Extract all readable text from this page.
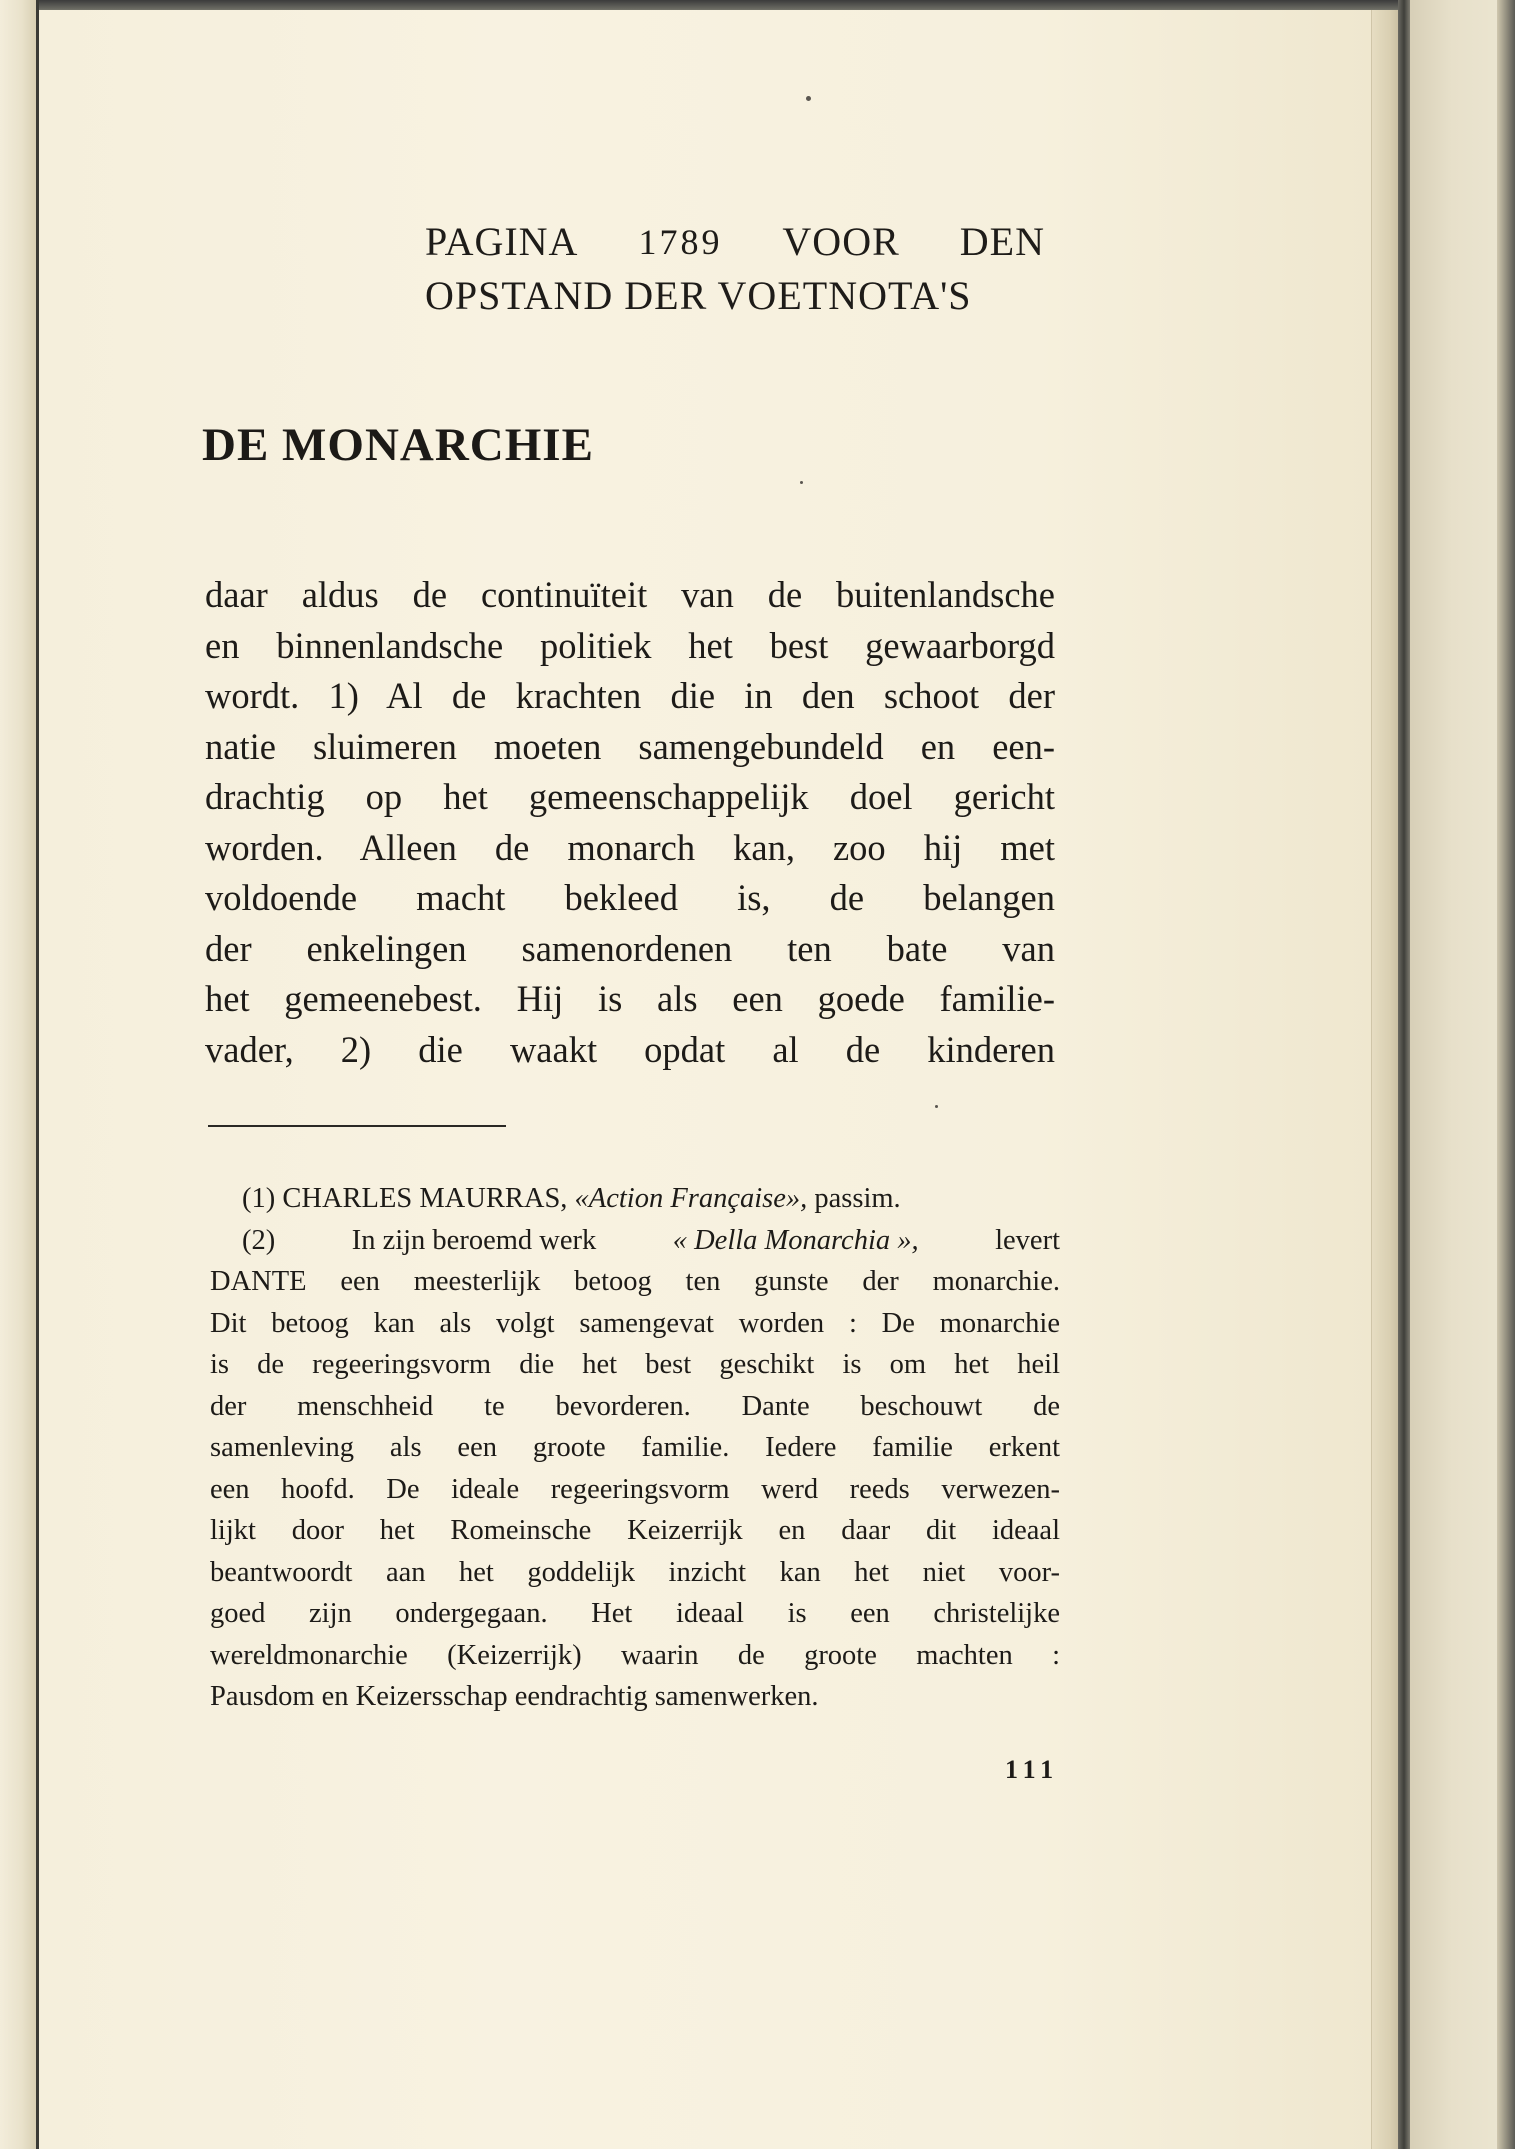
PAGINA 1789 VOOR DEN
OPSTAND DER VOETNOTA'S
DE MONARCHIE
daar aldus de continuïteit van de buitenlandsche
en binnenlandsche politiek het best gewaarborgd
wordt. 1) Al de krachten die in den schoot der
natie sluimeren moeten samengebundeld en een-
drachtig op het gemeenschappelijk doel gericht
worden. Alleen de monarch kan, zoo hij met
voldoende macht bekleed is, de belangen
der enkelingen samenordenen ten bate van
het gemeenebest. Hij is als een goede familie-
vader, 2) die waakt opdat al de kinderen
(1) CHARLES MAURRAS, «Action Française», passim.
(2)	In zijn beroemd werk	« Della Monarchia »,	levert
DANTE een meesterlijk betoog ten gunste der monarchie.
Dit betoog kan als volgt samengevat worden : De monarchie
is de regeeringsvorm die het best geschikt is om het heil
der menschheid te bevorderen. Dante beschouwt de
samenleving als een groote familie. Iedere familie erkent
een hoofd. De ideale regeeringsvorm werd reeds verwezen-
lijkt door het Romeinsche Keizerrijk en daar dit ideaal
beantwoordt aan het goddelijk inzicht kan het niet voor-
goed zijn ondergegaan. Het ideaal is een christelijke
wereldmonarchie (Keizerrijk) waarin de groote machten :
Pausdom en Keizersschap eendrachtig samenwerken.
111
